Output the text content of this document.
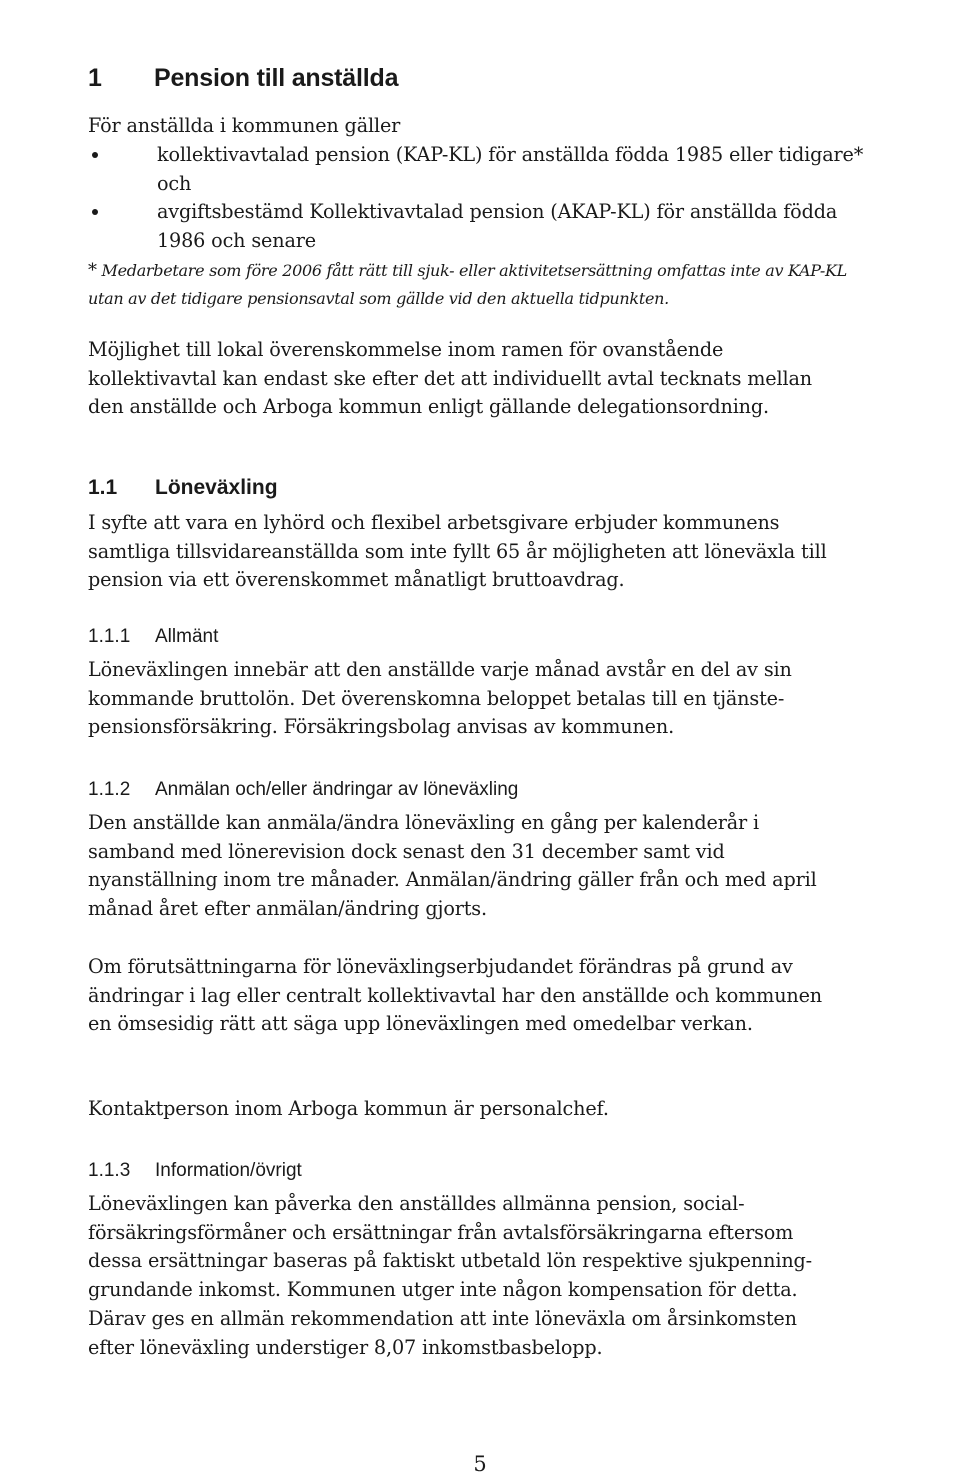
1	Pension till anställda

För anställda i kommunen gäller

kollektivavtalad pension (KAP-KL) för anställda födda 1985 eller tidigare* och
avgiftsbestämd Kollektivavtalad pension (AKAP-KL) för anställda födda 1986 och senare

* Medarbetare som före 2006 fått rätt till sjuk- eller aktivitetsersättning omfattas inte av KAP-KL utan av det tidigare pensionsavtal som gällde vid den aktuella tidpunkten.

Möjlighet till lokal överenskommelse inom ramen för ovanstående kollektivavtal kan endast ske efter det att individuellt avtal tecknats mellan den anställde och Arboga kommun enligt gällande delegationsordning.

1.1	Löneväxling

I syfte att vara en lyhörd och flexibel arbetsgivare erbjuder kommunens samtliga tillsvidareanställda som inte fyllt 65 år möjligheten att löneväxla till pension via ett överenskommet månatligt bruttoavdrag.

1.1.1	Allmänt

Löneväxlingen innebär att den anställde varje månad avstår en del av sin kommande bruttolön. Det överenskomna beloppet betalas till en tjänste-pensionsförsäkring. Försäkringsbolag anvisas av kommunen.

1.1.2	Anmälan och/eller ändringar av löneväxling

Den anställde kan anmäla/ändra löneväxling en gång per kalenderår i samband med lönerevision dock senast den 31 december samt vid nyanställning inom tre månader. Anmälan/ändring gäller från och med april månad året efter anmälan/ändring gjorts.

Om förutsättningarna för löneväxlingserbjudandet förändras på grund av ändringar i lag eller centralt kollektivavtal har den anställde och kommunen en ömsesidig rätt att säga upp löneväxlingen med omedelbar verkan.

Kontaktperson inom Arboga kommun är personalchef.

1.1.3	Information/övrigt

Löneväxlingen kan påverka den anställdes allmänna pension, social-försäkringsförmåner och ersättningar från avtalsförsäkringarna eftersom dessa ersättningar baseras på faktiskt utbetald lön respektive sjukpenning-grundande inkomst. Kommunen utger inte någon kompensation för detta. Därav ges en allmän rekommendation att inte löneväxla om årsinkomsten efter löneväxling understiger 8,07 inkomstbasbelopp.

5
